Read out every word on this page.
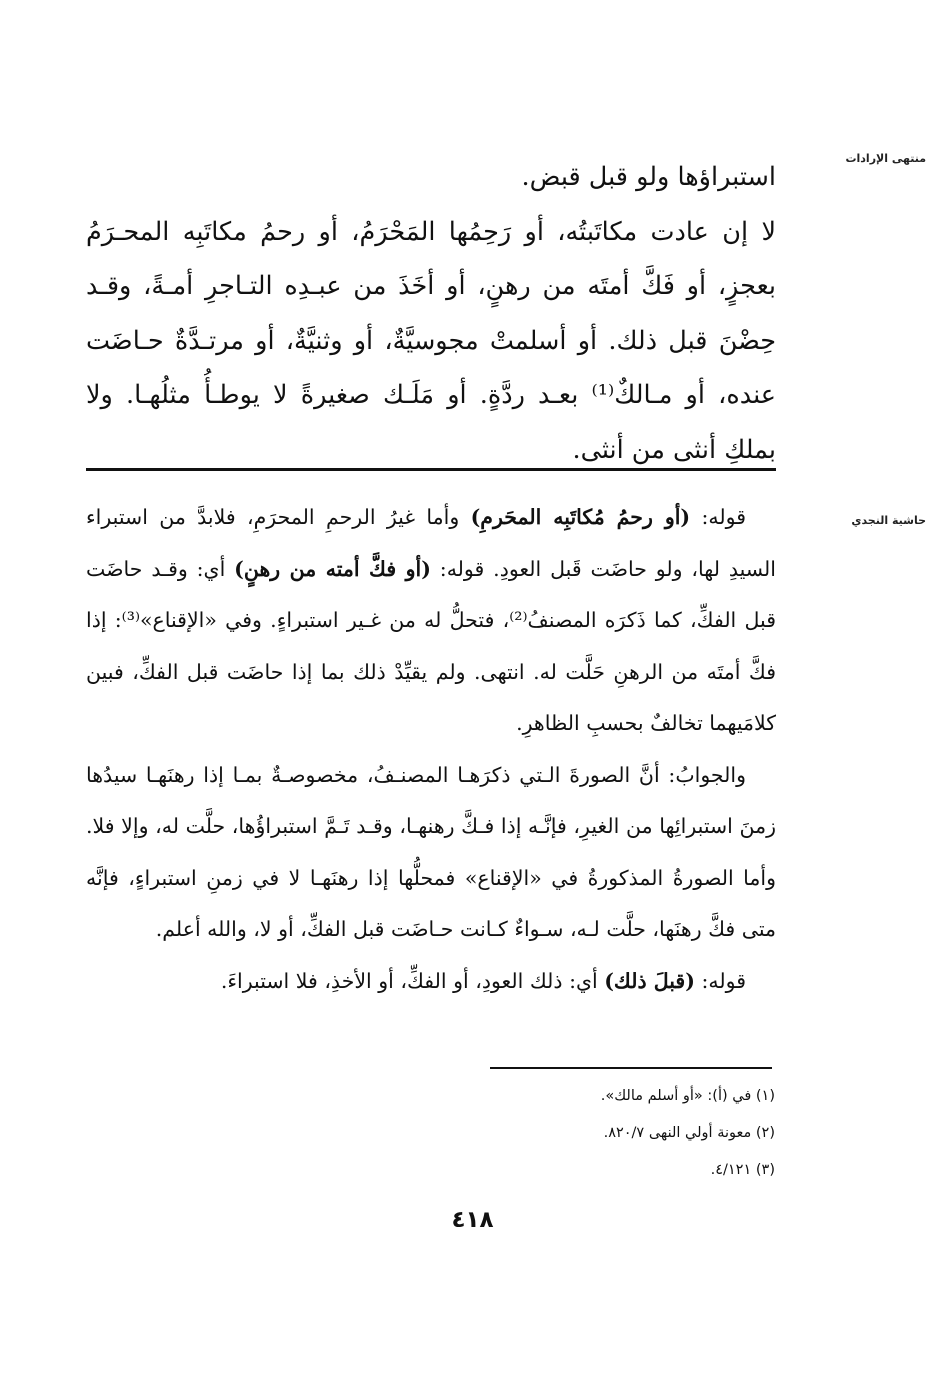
منتهى الإرادات
حاشية النجدي
استبراؤها ولو قبل قبض.
لا إن عادت مكاتَبتُه، أو رَحِمُها المَحْرَمُ، أو رحمُ مكاتَبِه المحـرَمُ
بعجزٍ، أو فَكَّ أمتَه من رهنٍ، أو أخَذَ من عبـدِه التـاجرِ أمـةً، وقـد
حِضْنَ قبل ذلك. أو أسلمتْ مجوسيَّةٌ، أو وثنيَّةٌ، أو مرتـدَّةٌ حـاضَت
عنده، أو مـالكٌ⁽¹⁾ بعـد ردَّةٍ. أو مَلَـك صغيرةً لا يوطـأُ مثلُهـا. ولا
بملكِ أنثى من أنثى.

قوله: (أو رحمُ مُكاتَبِه المحَرمِ) وأما غيرُ الرحمِ المحرَمِ، فلابدَّ من استبراء السيدِ لها، ولو حاضَت قَبل العودِ. قوله: (أو فكَّ أمته من رهنٍ) أي: وقـد حاضَت قبل الفكِّ، كما ذَكرَه المصنفُ⁽²⁾، فتحلُّ له من غـير استبراءٍ. وفي «الإقناع»⁽³⁾: إذا فكَّ أمتَه من الرهنِ حَلَّت له. انتهى. ولم يقيِّدْ ذلك بما إذا حاضَت قبل الفكِّ، فبين كلامَيهما تخالفٌ بحسبِ الظاهرِ.

والجوابُ: أنَّ الصورةَ الـتي ذكرَهـا المصنـفُ، مخصوصـةٌ بمـا إذا رهنَهـا سيدُها زمنَ استبرائِها من الغيرِ، فإنَّـه إذا فـكَّ رهنهـا، وقـد تَـمَّ استبراؤُها، حلَّت له، وإلا فلا. وأما الصورةُ المذكورةُ في «الإقناع» فمحلُّها إذا رهنَهـا لا في زمنِ استبراءٍ، فإنَّه متى فكَّ رهنَها، حلَّت لـه، سـواءٌ كـانت حـاضَت قبل الفكِّ، أو لا، والله أعلم.

قوله: (قبلَ ذلك) أي: ذلك العودِ، أو الفكِّ، أو الأخذِ، فلا استبراءَ.

(١) في (أ): «أو أسلم مالك».
(٢) معونة أولي النهى ٨٢٠/٧.
(٣) ٤/١٢١.
٤١٨
